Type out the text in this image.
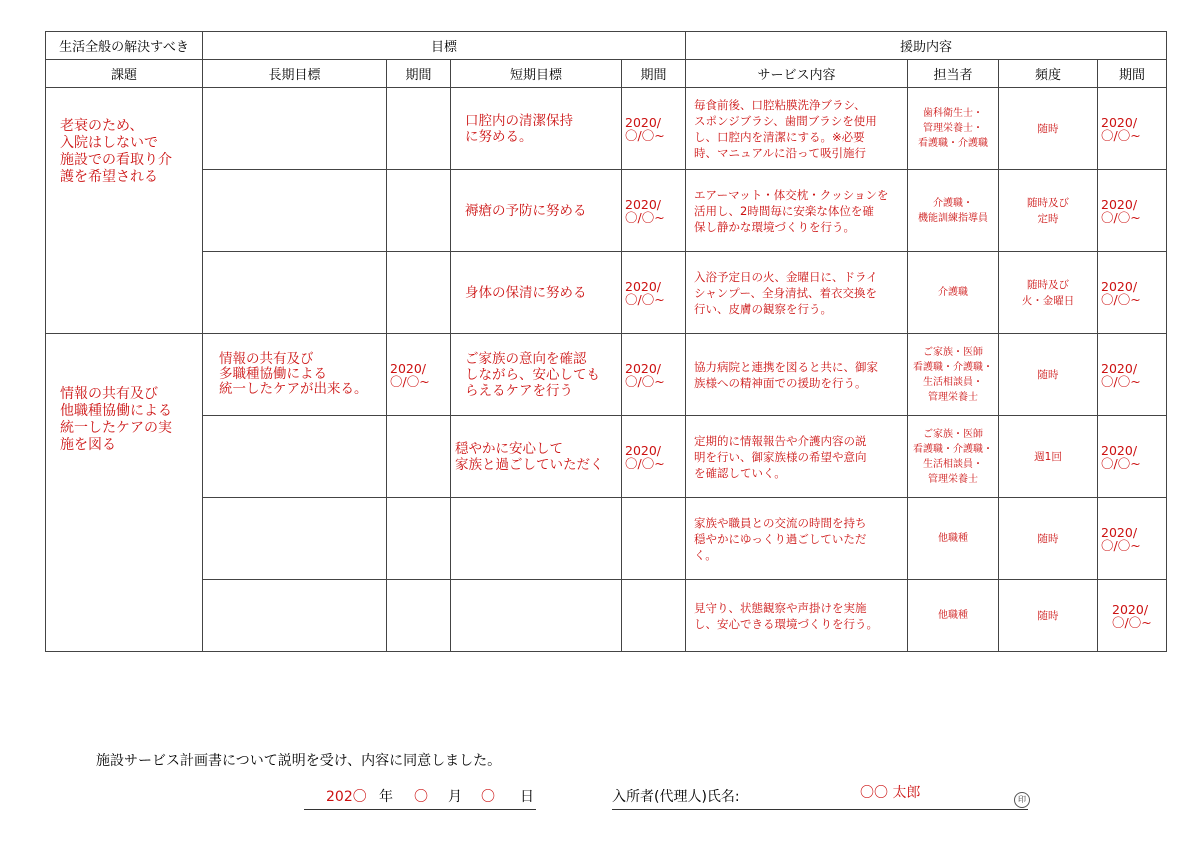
生活全般の解決すべき	目標				援助内容			
課題	長期目標	期間	短期目標	期間	サービス内容	担当者	頻度	期間
老衰のため、
入院はしないで
施設での看取り介
護を希望される			口腔内の清潔保持
に努める。	2020/
〇/〇~	毎食前後、口腔粘膜洗浄ブラシ、
スポンジブラシ、歯間ブラシを使用
し、口腔内を清潔にする。※必要
時、マニュアルに沿って吸引施行	歯科衛生士・
管理栄養士・
看護職・介護職	随時	2020/
〇/〇~
			褥瘡の予防に努める	2020/
〇/〇~	エアーマット・体交枕・クッションを
活用し、2時間毎に安楽な体位を確
保し静かな環境づくりを行う。	介護職・
機能訓練指導員	随時及び
定時	2020/
〇/〇~
			身体の保清に努める	2020/
〇/〇~	入浴予定日の火、金曜日に、ドライ
シャンプー、全身清拭、着衣交換を
行い、皮膚の観察を行う。	介護職	随時及び
火・金曜日	2020/
〇/〇~
情報の共有及び
他職種協働による
統一したケアの実
施を図る	情報の共有及び
多職種協働による
統一したケアが出来る。	2020/
〇/〇~	ご家族の意向を確認
しながら、安心しても
らえるケアを行う	2020/
〇/〇~	協力病院と連携を図ると共に、御家
族様への精神面での援助を行う。	ご家族・医師
看護職・介護職・
生活相談員・
管理栄養士	随時	2020/
〇/〇~
			穏やかに安心して
家族と過ごしていただく	2020/
〇/〇~	定期的に情報報告や介護内容の説
明を行い、御家族様の希望や意向
を確認していく。	ご家族・医師
看護職・介護職・
生活相談員・
管理栄養士	週1回	2020/
〇/〇~
					家族や職員との交流の時間を持ち
穏やかにゆっくり過ごしていただ
く。	他職種	随時	2020/
〇/〇~
					見守り、状態観察や声掛けを実施
し、安心できる環境づくりを行う。	他職種	随時	2020/
〇/〇~
施設サービス計画書について説明を受け、内容に同意しました。
202〇 年 〇 月 〇 日	入所者(代理人)氏名:	〇〇 太郎	印
